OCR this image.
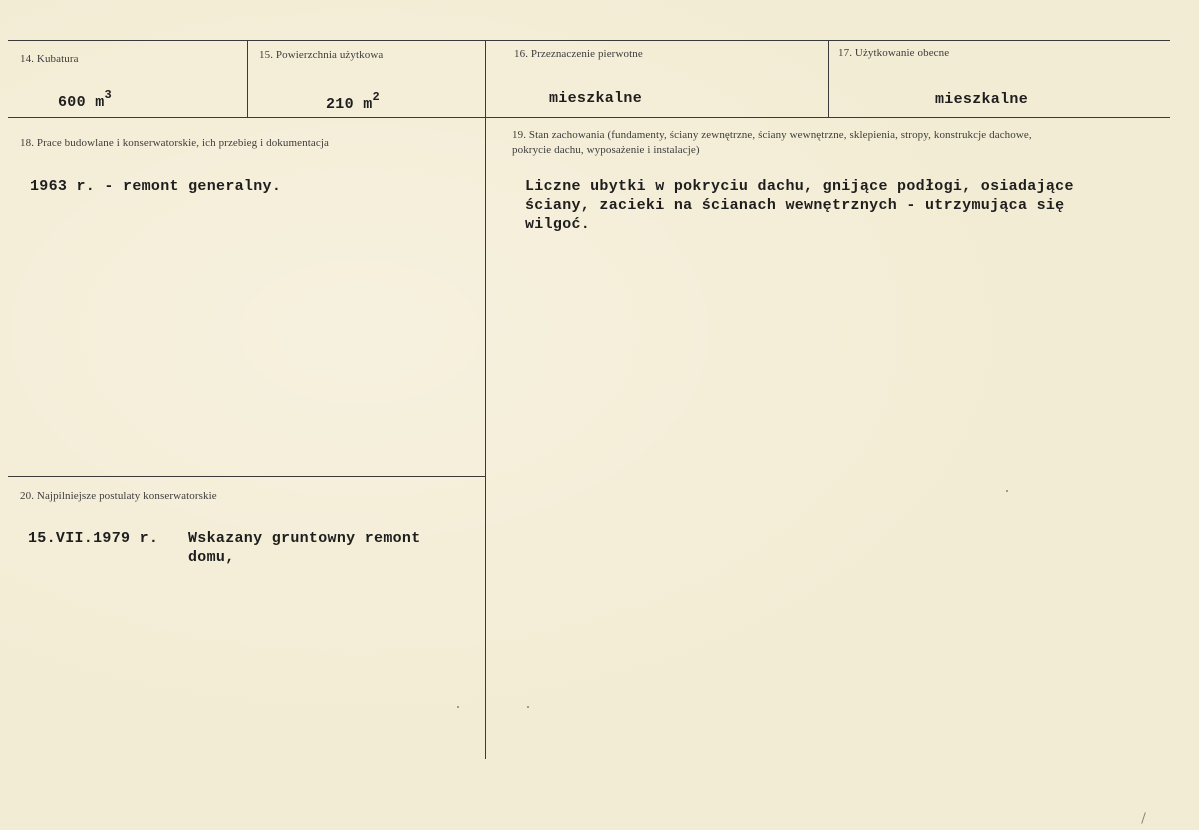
14. Kubatura
600 $m^3$
15. Powierzchnia użytkowa
210 $m^2$
16. Przeznaczenie pierwotne
mieszkalne
17. Użytkowanie obecne
mieszkalne
18. Prace budowlane i konserwatorskie, ich przebieg i dokumentacja
1963 r. - remont generalny.
19. Stan zachowania (fundamenty, ściany zewnętrzne, ściany wewnętrzne, sklepienia, stropy, konstrukcje dachowe, pokrycie dachu, wyposażenie i instalacje)
Liczne ubytki w pokryciu dachu, gnijące podłogi, osiadające ściany, zacieki na ścianach wewnętrznych - utrzymująca się wilgoć.
20. Najpilniejsze postulaty konserwatorskie
15.VII.1979 r. Wskazany gruntowny remont domu,
